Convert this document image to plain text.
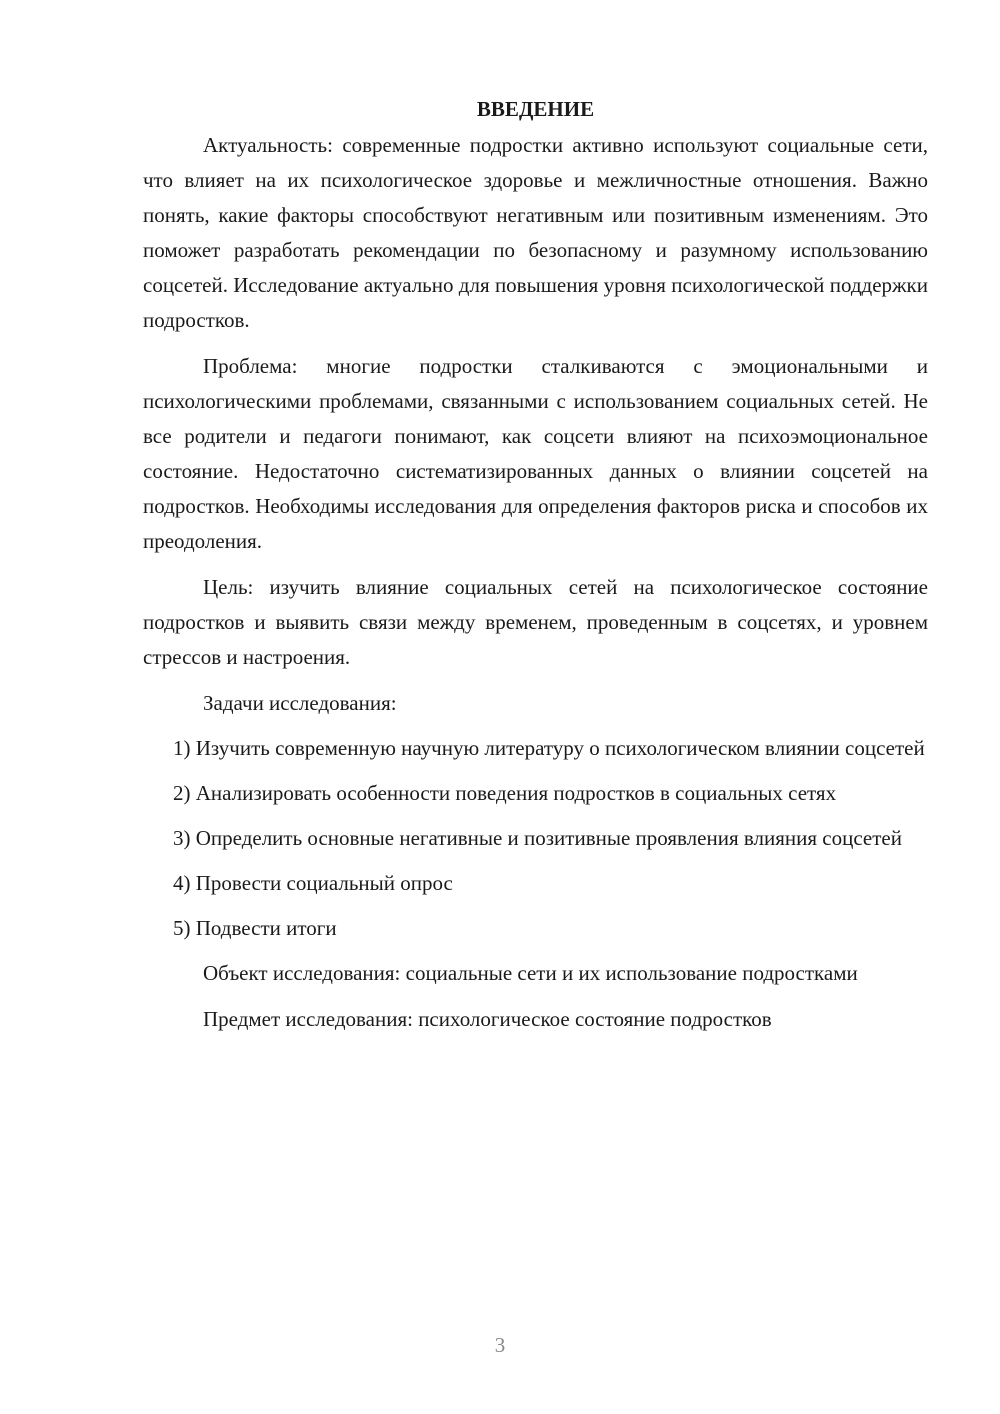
ВВЕДЕНИЕ

Актуальность: современные подростки активно используют социальные сети, что влияет на их психологическое здоровье и межличностные отношения. Важно понять, какие факторы способствуют негативным или позитивным изменениям. Это поможет разработать рекомендации по безопасному и разумному использованию соцсетей. Исследование актуально для повышения уровня психологической поддержки подростков.

Проблема: многие подростки сталкиваются с эмоциональными и психологическими проблемами, связанными с использованием социальных сетей. Не все родители и педагоги понимают, как соцсети влияют на психоэмоциональное состояние. Недостаточно систематизированных данных о влиянии соцсетей на подростков. Необходимы исследования для определения факторов риска и способов их преодоления.

Цель: изучить влияние социальных сетей на психологическое состояние подростков и выявить связи между временем, проведенным в соцсетях, и уровнем стрессов и настроения.

Задачи исследования:

1) Изучить современную научную литературу о психологическом влиянии соцсетей

2) Анализировать особенности поведения подростков в социальных сетях

3) Определить основные негативные и позитивные проявления влияния соцсетей

4) Провести социальный опрос

5) Подвести итоги

Объект исследования: социальные сети и их использование подростками

Предмет исследования: психологическое состояние подростков

3
